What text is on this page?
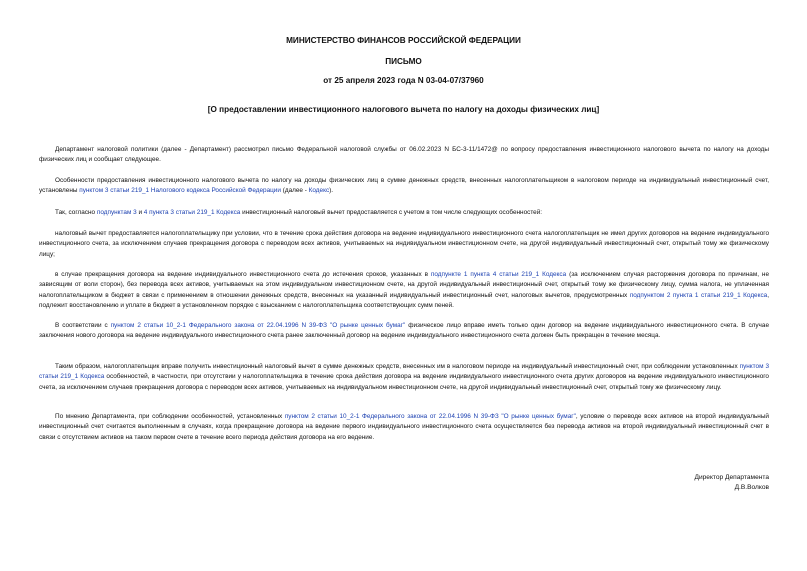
МИНИСТЕРСТВО ФИНАНСОВ РОССИЙСКОЙ ФЕДЕРАЦИИ
ПИСЬМО
от 25 апреля 2023 года N 03-04-07/37960
[О предоставлении инвестиционного налогового вычета по налогу на доходы физических лиц]

Департамент налоговой политики (далее - Департамент) рассмотрел письмо Федеральной налоговой службы от 06.02.2023 N БС-3-11/1472@ по вопросу предоставления инвестиционного налогового вычета по налогу на доходы физических лиц и сообщает следующее.

Особенности предоставления инвестиционного налогового вычета по налогу на доходы физических лиц в сумме денежных средств, внесенных налогоплательщиком в налоговом периоде на индивидуальный инвестиционный счет, установлены пунктом 3 статьи 219_1 Налогового кодекса Российской Федерации (далее - Кодекс).

Так, согласно подпунктам 3 и 4 пункта 3 статьи 219_1 Кодекса инвестиционный налоговый вычет предоставляется с учетом в том числе следующих особенностей:

налоговый вычет предоставляется налогоплательщику при условии, что в течение срока действия договора на ведение индивидуального инвестиционного счета налогоплательщик не имел других договоров на ведение индивидуального инвестиционного счета, за исключением случаев прекращения договора с переводом всех активов, учитываемых на индивидуальном инвестиционном счете, на другой индивидуальный инвестиционный счет, открытый тому же физическому лицу;

в случае прекращения договора на ведение индивидуального инвестиционного счета до истечения сроков, указанных в подпункте 1 пункта 4 статьи 219_1 Кодекса (за исключением случая расторжения договора по причинам, не зависящим от воли сторон), без перевода всех активов, учитываемых на этом индивидуальном инвестиционном счете, на другой индивидуальный инвестиционный счет, открытый тому же физическому лицу, сумма налога, не уплаченная налогоплательщиком в бюджет в связи с применением в отношении денежных средств, внесенных на указанный индивидуальный инвестиционный счет, налоговых вычетов, предусмотренных подпунктом 2 пункта 1 статьи 219_1 Кодекса, подлежит восстановлению и уплате в бюджет в установленном порядке с взысканием с налогоплательщика соответствующих сумм пеней.

В соответствии с пунктом 2 статьи 10_2-1 Федерального закона от 22.04.1996 N 39-ФЗ "О рынке ценных бумаг" физическое лицо вправе иметь только один договор на ведение индивидуального инвестиционного счета. В случае заключения нового договора на ведение индивидуального инвестиционного счета ранее заключенный договор на ведение индивидуального инвестиционного счета должен быть прекращен в течение месяца.

Таким образом, налогоплательщик вправе получить инвестиционный налоговый вычет в сумме денежных средств, внесенных им в налоговом периоде на индивидуальный инвестиционный счет, при соблюдении установленных пунктом 3 статьи 219_1 Кодекса особенностей, в частности, при отсутствии у налогоплательщика в течение срока действия договора на ведение индивидуального инвестиционного счета других договоров на ведение индивидуального инвестиционного счета, за исключением случаев прекращения договора с переводом всех активов, учитываемых на индивидуальном инвестиционном счете, на другой индивидуальный инвестиционный счет, открытый тому же физическому лицу.

По мнению Департамента, при соблюдении особенностей, установленных пунктом 2 статьи 10_2-1 Федерального закона от 22.04.1996 N 39-ФЗ "О рынке ценных бумаг", условие о переводе всех активов на второй индивидуальный инвестиционный счет считается выполненным в случаях, когда прекращение договора на ведение первого индивидуального инвестиционного счета осуществляется без перевода активов на второй индивидуальный инвестиционный счет в связи с отсутствием активов на таком первом счете в течение всего периода действия договора на его ведение.

Директор Департамента
Д.В.Волков
